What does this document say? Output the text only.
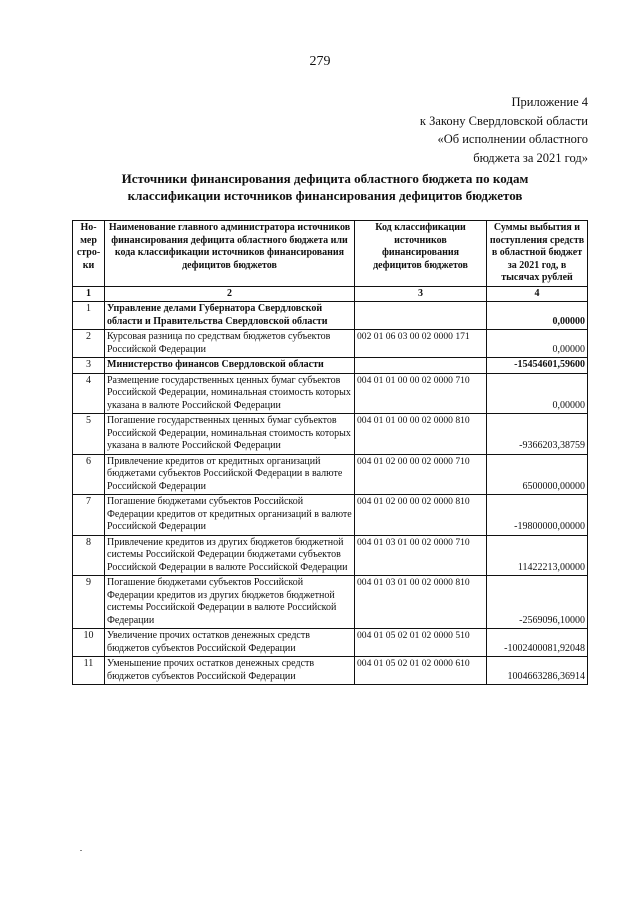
279
Приложение 4
к Закону Свердловской области
«Об исполнении областного
бюджета за 2021 год»
Источники финансирования дефицита областного бюджета по кодам
классификации источников финансирования дефицитов бюджетов
Но-мер стро-ки	Наименование главного администратора источников финансирования дефицита областного бюджета или кода классификации источников финансирования дефицитов бюджетов	Код классификации источников финансирования дефицитов бюджетов	Суммы выбытия и поступления средств в областной бюджет за 2021 год, в тысячах рублей
1	2	3	4
1	Управление делами Губернатора Свердловской области и Правительства Свердловской области		0,00000
2	Курсовая разница по средствам бюджетов субъектов Российской Федерации	002 01 06 03 00 02 0000 171	0,00000
3	Министерство финансов Свердловской области		-15454601,59600
4	Размещение государственных ценных бумаг субъектов Российской Федерации, номинальная стоимость которых указана в валюте Российской Федерации	004 01 01 00 00 02 0000 710	0,00000
5	Погашение государственных ценных бумаг субъектов Российской Федерации, номинальная стоимость которых указана в валюте Российской Федерации	004 01 01 00 00 02 0000 810	-9366203,38759
6	Привлечение кредитов от кредитных организаций бюджетами субъектов Российской Федерации в валюте Российской Федерации	004 01 02 00 00 02 0000 710	6500000,00000
7	Погашение бюджетами субъектов Российской Федерации кредитов от кредитных организаций в валюте Российской Федерации	004 01 02 00 00 02 0000 810	-19800000,00000
8	Привлечение кредитов из других бюджетов бюджетной системы Российской Федерации бюджетами субъектов Российской Федерации в валюте Российской Федерации	004 01 03 01 00 02 0000 710	11422213,00000
9	Погашение бюджетами субъектов Российской Федерации кредитов из других бюджетов бюджетной системы Российской Федерации в валюте Российской Федерации	004 01 03 01 00 02 0000 810	-2569096,10000
10	Увеличение прочих остатков денежных средств бюджетов субъектов Российской Федерации	004 01 05 02 01 02 0000 510	-1002400081,92048
11	Уменьшение прочих остатков денежных средств бюджетов субъектов Российской Федерации	004 01 05 02 01 02 0000 610	1004663286,36914
